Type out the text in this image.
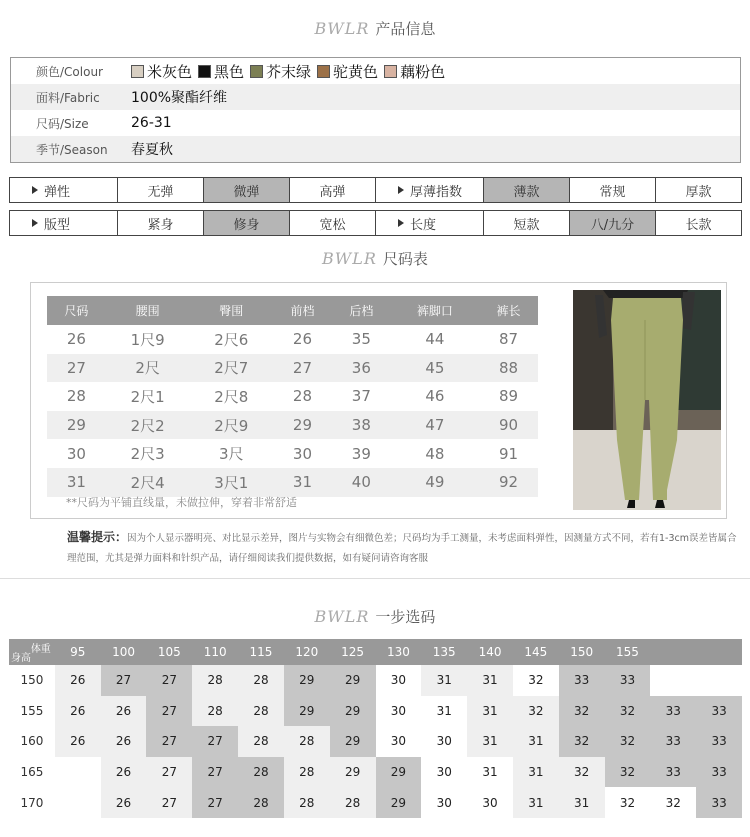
BWLR 产品信息
颜色/Colour	米灰色 黑色 芥末绿 驼黄色 藕粉色
面料/Fabric	100%聚酯纤维
尺码/Size	26-31
季节/Season	春夏秋
弹性	无弹	微弹	高弹	厚薄指数	薄款	常规	厚款
版型	紧身	修身	宽松	长度	短款	八/九分	长款
BWLR 尺码表
尺码	腰围	臀围	前档	后档	裤脚口	裤长
26	1尺9	2尺6	26	35	44	87
27	2尺	2尺7	27	36	45	88
28	2尺1	2尺8	28	37	46	89
29	2尺2	2尺9	29	38	47	90
30	2尺3	3尺	30	39	48	91
31	2尺4	3尺1	31	40	49	92
**尺码为平铺直线量，未做拉伸，穿着非常舒适
温馨提示：因为个人显示器明亮、对比显示差异，图片与实物会有细微色差；尺码均为手工测量，未考虑面料弹性，因测量方式不同，若有1-3cm误差皆属合理范围，尤其是弹力面料和针织产品，请仔细阅读我们提供数据，如有疑问请咨询客服
BWLR 一步选码
体重
身高	95	100	105	110	115	120	125	130	135	140	145	150	155		
150	26	27	27	28	28	29	29	30	31	31	32	33	33		
155	26	26	27	28	28	29	29	30	31	31	32	32	32	33	33
160	26	26	27	27	28	28	29	30	30	31	31	32	32	33	33
165		26	27	27	28	28	29	29	30	31	31	32	32	33	33
170		26	27	27	28	28	28	29	30	30	31	31	32	32	33
